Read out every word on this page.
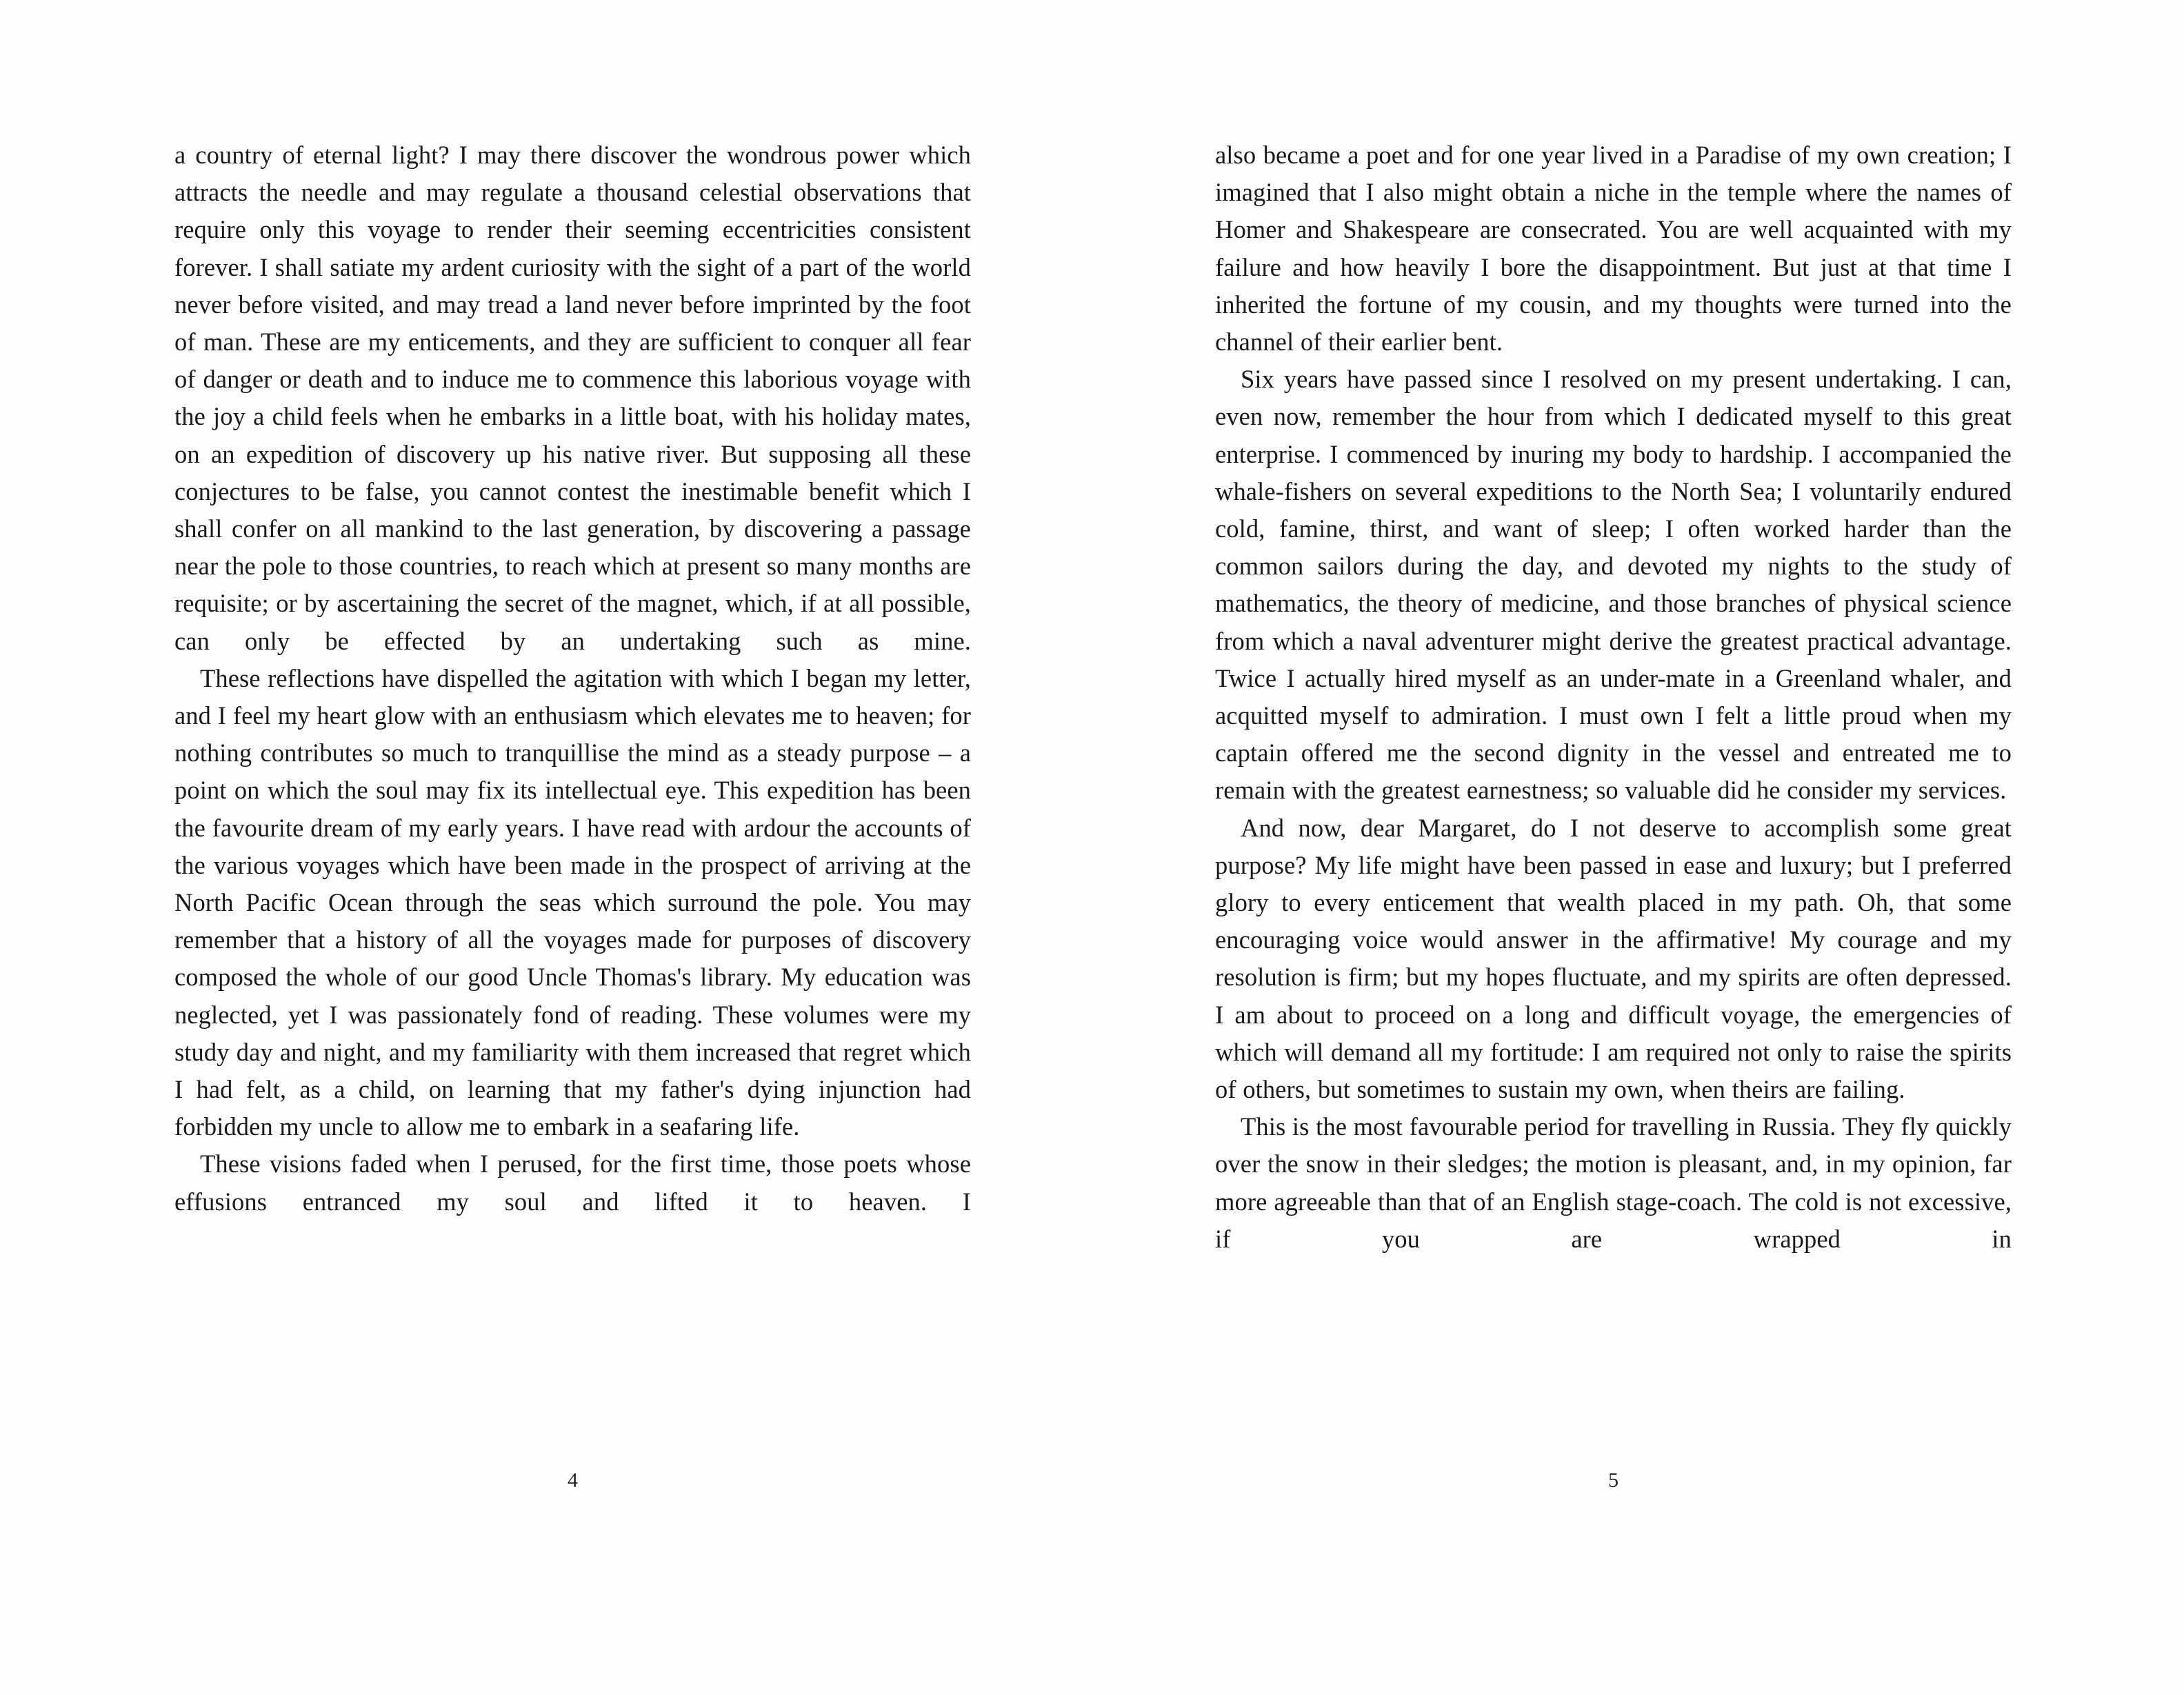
a country of eternal light? I may there discover the wondrous power which attracts the needle and may regulate a thousand celestial observations that require only this voyage to render their seeming eccentricities consistent forever. I shall satiate my ardent curiosity with the sight of a part of the world never before visited, and may tread a land never before imprinted by the foot of man. These are my enticements, and they are sufficient to conquer all fear of danger or death and to induce me to commence this laborious voyage with the joy a child feels when he embarks in a little boat, with his holiday mates, on an expedition of discovery up his native river. But supposing all these conjectures to be false, you cannot contest the inestimable benefit which I shall confer on all mankind to the last generation, by discovering a passage near the pole to those countries, to reach which at present so many months are requisite; or by ascertaining the secret of the magnet, which, if at all possible, can only be effected by an undertaking such as mine.

These reflections have dispelled the agitation with which I began my letter, and I feel my heart glow with an enthusiasm which elevates me to heaven; for nothing contributes so much to tranquillise the mind as a steady purpose – a point on which the soul may fix its intellectual eye. This expedition has been the favourite dream of my early years. I have read with ardour the accounts of the various voyages which have been made in the prospect of arriving at the North Pacific Ocean through the seas which surround the pole. You may remember that a history of all the voyages made for purposes of discovery composed the whole of our good Uncle Thomas's library. My education was neglected, yet I was passionately fond of reading. These volumes were my study day and night, and my familiarity with them increased that regret which I had felt, as a child, on learning that my father's dying injunction had forbidden my uncle to allow me to embark in a seafaring life.

These visions faded when I perused, for the first time, those poets whose effusions entranced my soul and lifted it to heaven. I

4

also became a poet and for one year lived in a Paradise of my own creation; I imagined that I also might obtain a niche in the temple where the names of Homer and Shakespeare are consecrated. You are well acquainted with my failure and how heavily I bore the disappointment. But just at that time I inherited the fortune of my cousin, and my thoughts were turned into the channel of their earlier bent.

Six years have passed since I resolved on my present undertaking. I can, even now, remember the hour from which I dedicated myself to this great enterprise. I commenced by inuring my body to hardship. I accompanied the whale-fishers on several expeditions to the North Sea; I voluntarily endured cold, famine, thirst, and want of sleep; I often worked harder than the common sailors during the day, and devoted my nights to the study of mathematics, the theory of medicine, and those branches of physical science from which a naval adventurer might derive the greatest practical advantage. Twice I actually hired myself as an under-mate in a Greenland whaler, and acquitted myself to admiration. I must own I felt a little proud when my captain offered me the second dignity in the vessel and entreated me to remain with the greatest earnestness; so valuable did he consider my services.

And now, dear Margaret, do I not deserve to accomplish some great purpose? My life might have been passed in ease and luxury; but I preferred glory to every enticement that wealth placed in my path. Oh, that some encouraging voice would answer in the affirmative! My courage and my resolution is firm; but my hopes fluctuate, and my spirits are often depressed. I am about to proceed on a long and difficult voyage, the emergencies of which will demand all my fortitude: I am required not only to raise the spirits of others, but sometimes to sustain my own, when theirs are failing.

This is the most favourable period for travelling in Russia. They fly quickly over the snow in their sledges; the motion is pleasant, and, in my opinion, far more agreeable than that of an English stage-coach. The cold is not excessive, if you are wrapped in

5
